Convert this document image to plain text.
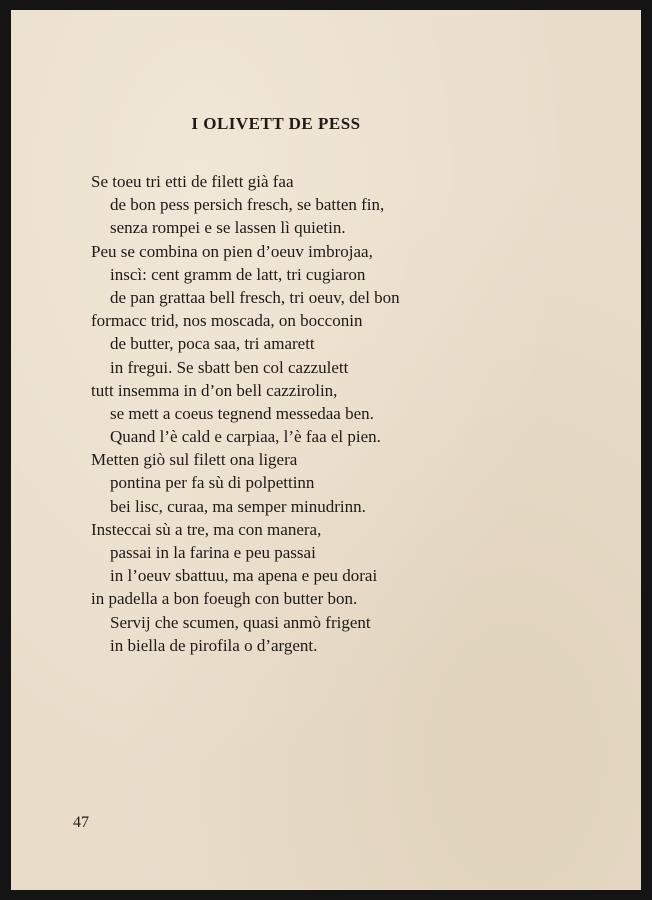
I OLIVETT DE PESS
Se toeu tri etti de filett già faa
de bon pess persich fresch, se batten fin,
senza rompei e se lassen lì quietin.
Peu se combina on pien d’oeuv imbrojaa,
inscì: cent gramm de latt, tri cugiaron
de pan grattaa bell fresch, tri oeuv, del bon
formacc trid, nos moscada, on bocconin
de butter, poca saa, tri amarett
in fregui. Se sbatt ben col cazzulett
tutt insemma in d’on bell cazzirolin,
se mett a coeus tegnend messedaa ben.
Quand l’è cald e carpiaa, l’è faa el pien.
Metten giò sul filett ona ligera
pontina per fa sù di polpettinn
bei lisc, curaa, ma semper minudrinn.
Insteccai sù a tre, ma con manera,
passai in la farina e peu passai
in l’oeuv sbattuu, ma apena e peu dorai
in padella a bon foeugh con butter bon.
Servij che scumen, quasi anmò frigent
in biella de pirofila o d’argent.
47
